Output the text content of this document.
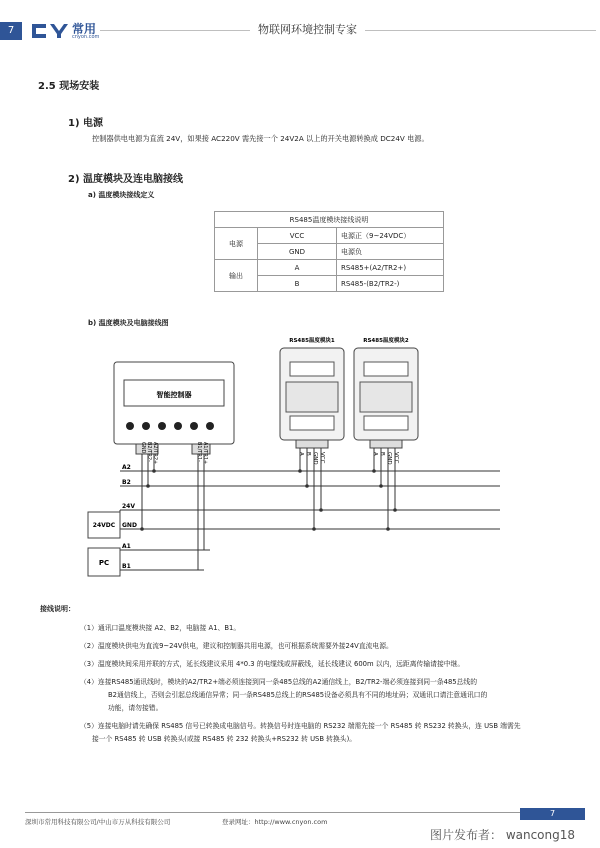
7	常用
cnyon.com
物联网环境控制专家
2.5 现场安装
1) 电源
控制器供电电源为直流 24V，如果接 AC220V 需先接一个 24V2A 以上的开关电源转换成 DC24V 电源。
2) 温度模块及连电脑接线
a) 温度模块接线定义
RS485温度模块接线说明		
电源	VCC	电源正（9~24VDC）
	GND	电源负
输出	A	RS485+(A2/TR2+)
	B	RS485-(B2/TR2-)
b) 温度模块及电脑接线图
智能控制器
GND B2/TR2- A2/TR2+	B1/TR1- A1/TR1+
RS485温度模块1	RS485温度模块2
A B GND VCC	A B GND VCC
A2
B2
24V
GND
A1
B1
24VDC
PC
接线说明：
（1）通讯口温度模块接 A2、B2，电脑接 A1、B1。
（2）温度模块供电为直流9~24V供电，建议和控制器共用电源，也可根据系统需要外接24V直流电源。
（3）温度模块间采用并联的方式，延长线建议采用 4*0.3 的电缆线或屏蔽线，延长线建议 600m 以内，远距离传输请接中继。
（4）连接RS485通讯线时，模块的A2/TR2+端必须连接到同一条485总线的A2通信线上，B2/TR2-端必须连接到同一条485总线的
B2通信线上，否则会引起总线通信异常；同一条RS485总线上的RS485设备必须具有不同的地址码；双通讯口请注意通讯口的
功能，请勿接错。
（5）连接电脑时请先确保 RS485 信号已转换成电脑信号。转换信号时连电脑的 RS232 端需先接一个 RS485 转 RS232 转换头，连 USB 端需先
接一个 RS485 转 USB 转换头(或接 RS485 转 232 转换头+RS232 转 USB 转换头)。
7
深圳市常用科技有限公司/中山市万从科技有限公司	登录网址：http://www.cnyon.com
图片发布者： wancong18
